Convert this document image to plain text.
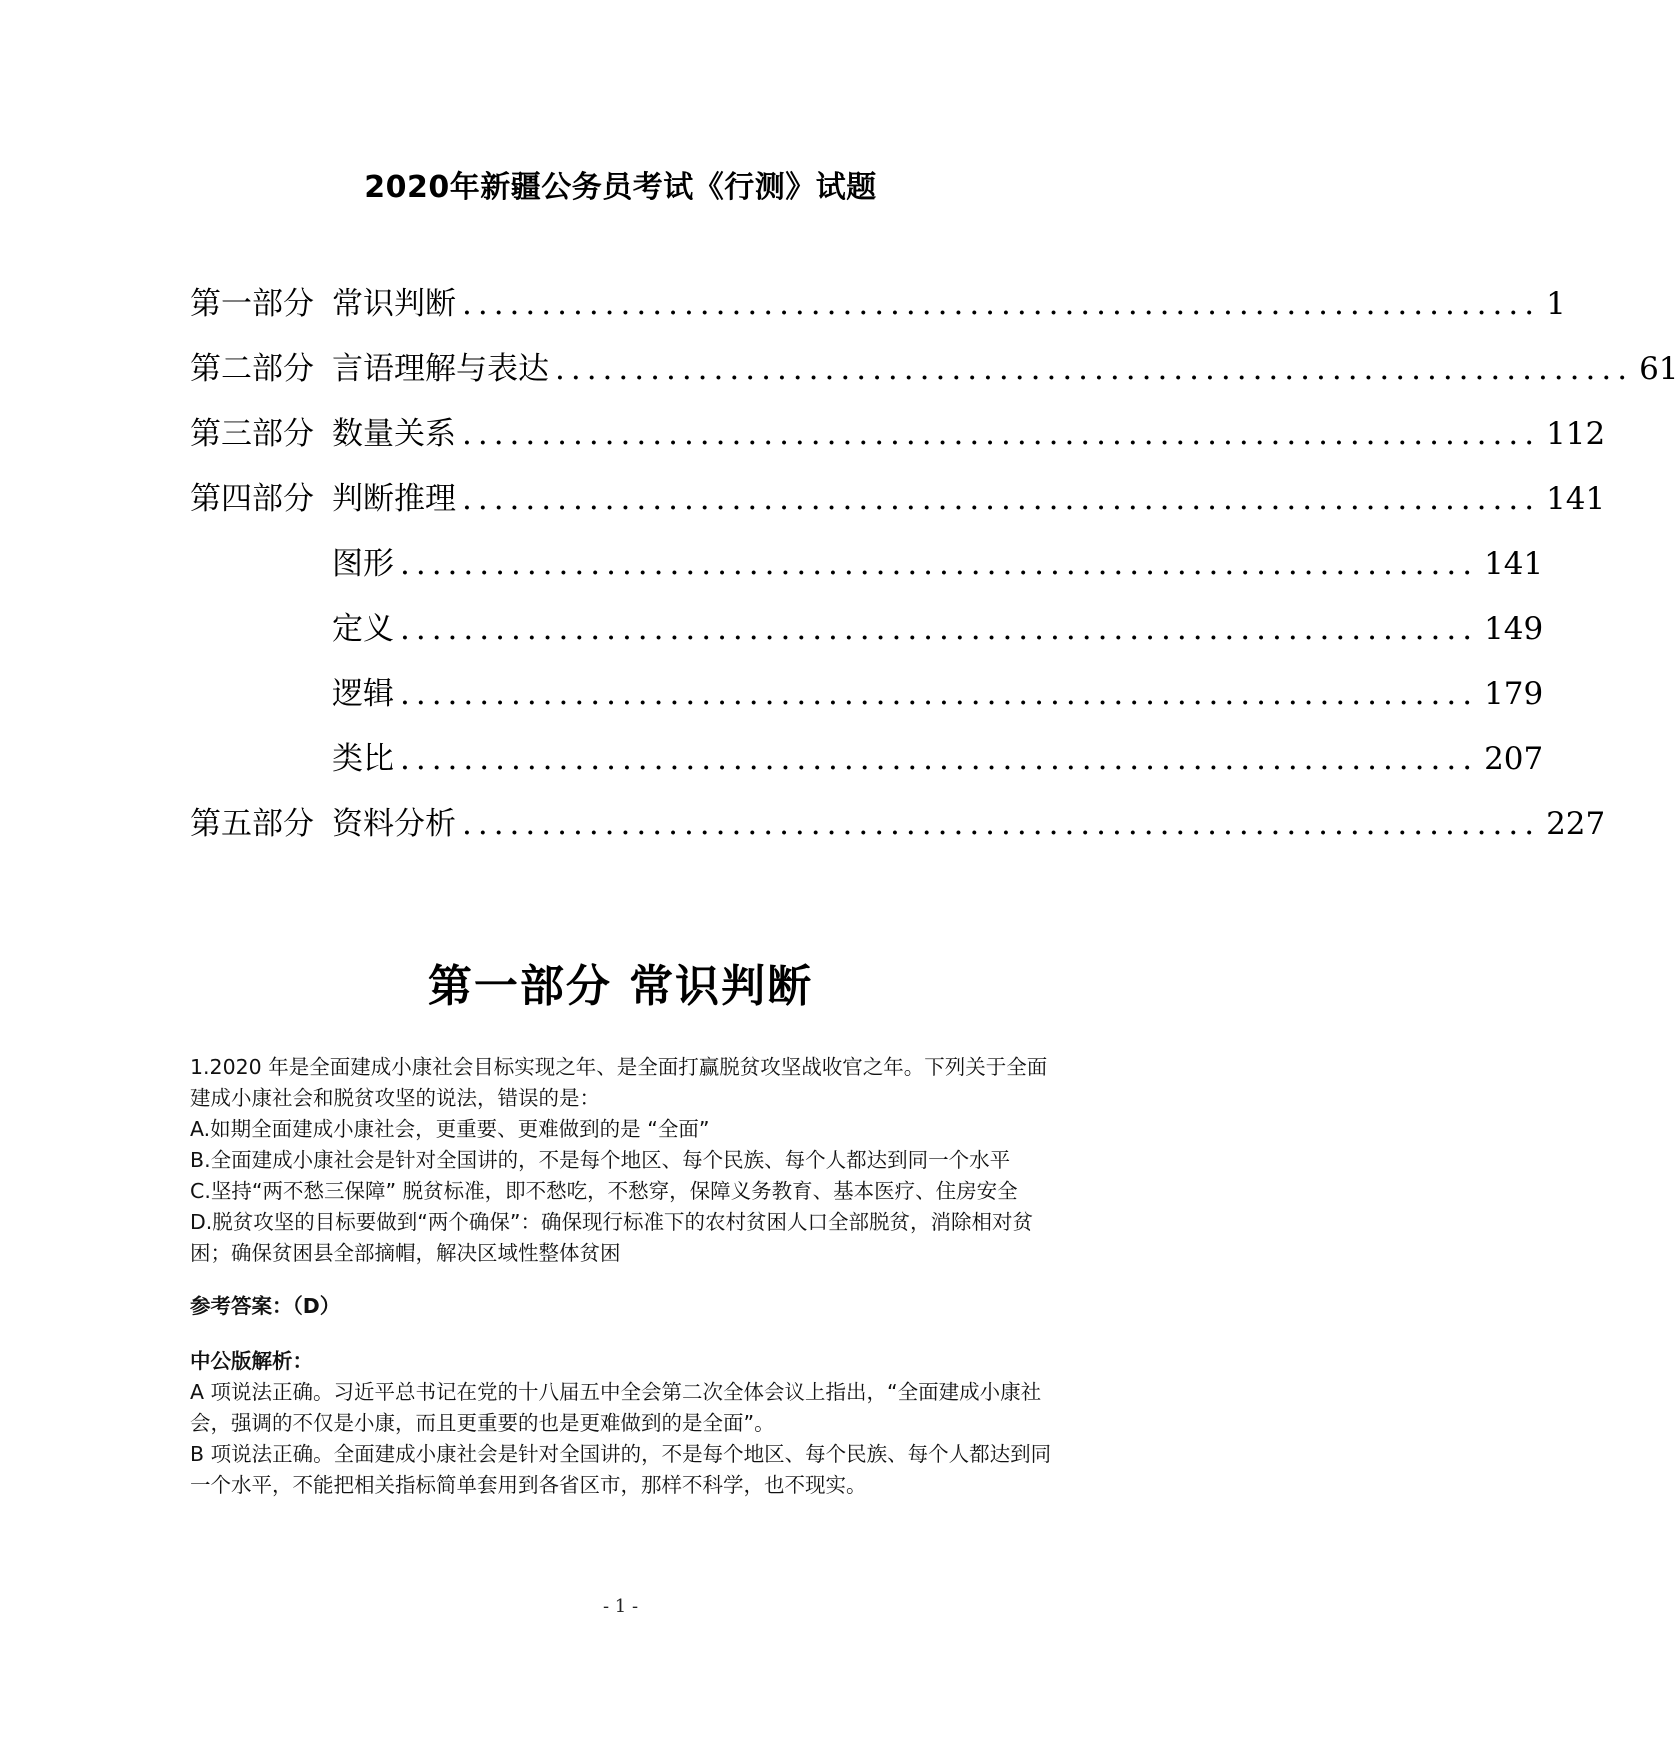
2020年新疆公务员考试《行测》试题
第一部分 常识判断 .................................................................... 1
第二部分 言语理解与表达 .................................................................... 61
第三部分 数量关系 .................................................................... 112
第四部分 判断推理 .................................................................... 141
图形 .................................................................... 141
定义 .................................................................... 149
逻辑 .................................................................... 179
类比 .................................................................... 207
第五部分 资料分析 .................................................................... 227
第一部分 常识判断

1.2020 年是全面建成小康社会目标实现之年、是全面打赢脱贫攻坚战收官之年。下列关于全面建成小康社会和脱贫攻坚的说法，错误的是：

A.如期全面建成小康社会，更重要、更难做到的是 “全面”

B.全面建成小康社会是针对全国讲的，不是每个地区、每个民族、每个人都达到同一个水平

C.坚持“两不愁三保障” 脱贫标准，即不愁吃，不愁穿，保障义务教育、基本医疗、住房安全

D.脱贫攻坚的目标要做到“两个确保”：确保现行标准下的农村贫困人口全部脱贫，消除相对贫困；确保贫困县全部摘帽，解决区域性整体贫困

参考答案：（D）

中公版解析：

A 项说法正确。习近平总书记在党的十八届五中全会第二次全体会议上指出，“全面建成小康社会，强调的不仅是小康，而且更重要的也是更难做到的是全面”。

B 项说法正确。全面建成小康社会是针对全国讲的，不是每个地区、每个民族、每个人都达到同一个水平，不能把相关指标简单套用到各省区市，那样不科学，也不现实。

- 1 -
